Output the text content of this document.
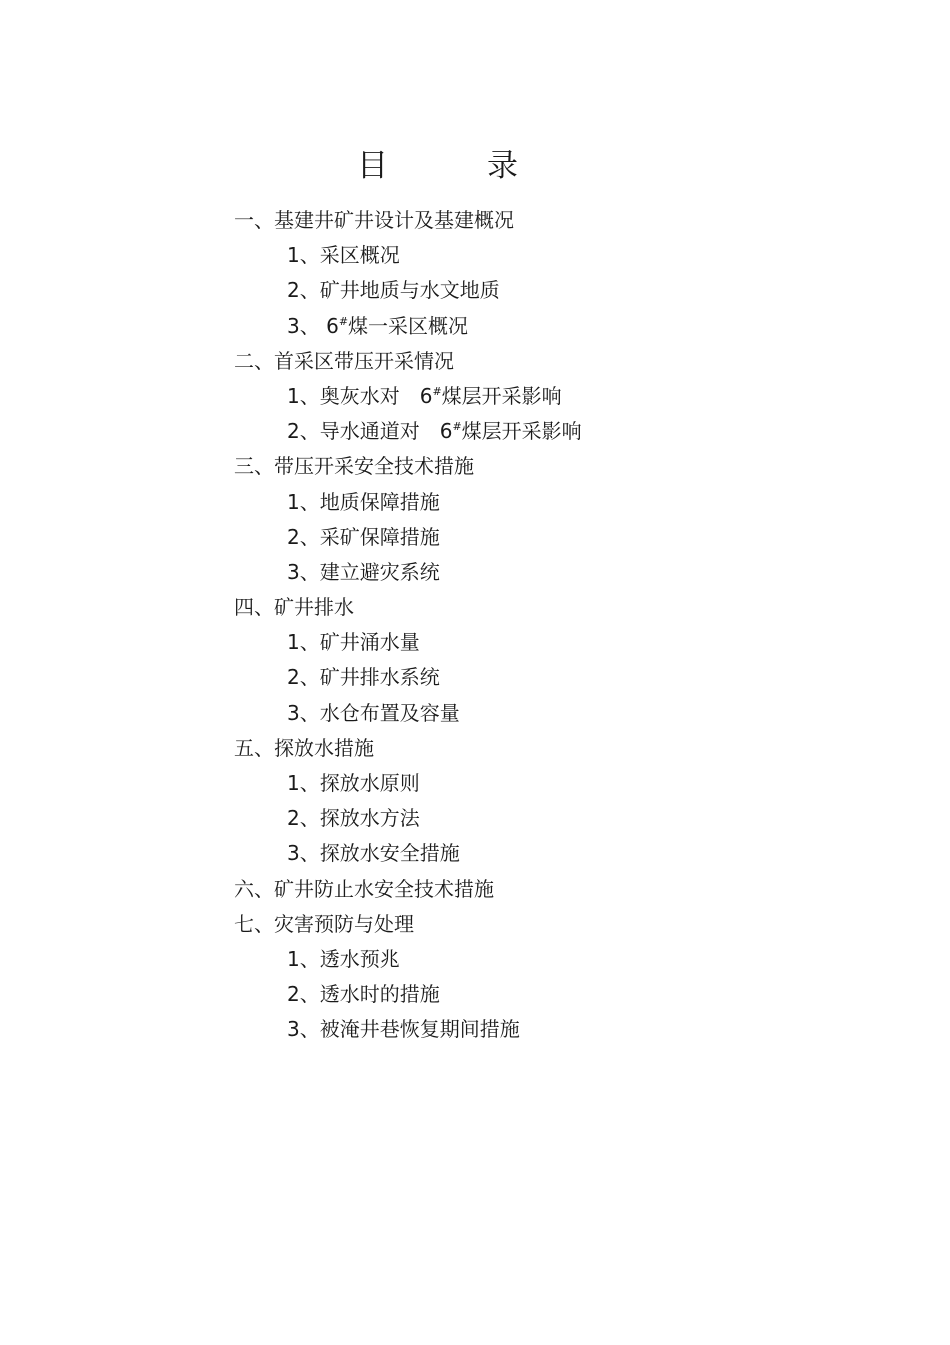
目　录
一、基建井矿井设计及基建概况
1、采区概况
2、矿井地质与水文地质
3、 6#煤一采区概况
二、首采区带压开采情况
1、奥灰水对　6#煤层开采影响
2、导水通道对　6#煤层开采影响
三、带压开采安全技术措施
1、地质保障措施
2、采矿保障措施
3、建立避灾系统
四、矿井排水
1、矿井涌水量
2、矿井排水系统
3、水仓布置及容量
五、探放水措施
1、探放水原则
2、探放水方法
3、探放水安全措施
六、矿井防止水安全技术措施
七、灾害预防与处理
1、透水预兆
2、透水时的措施
3、被淹井巷恢复期间措施
